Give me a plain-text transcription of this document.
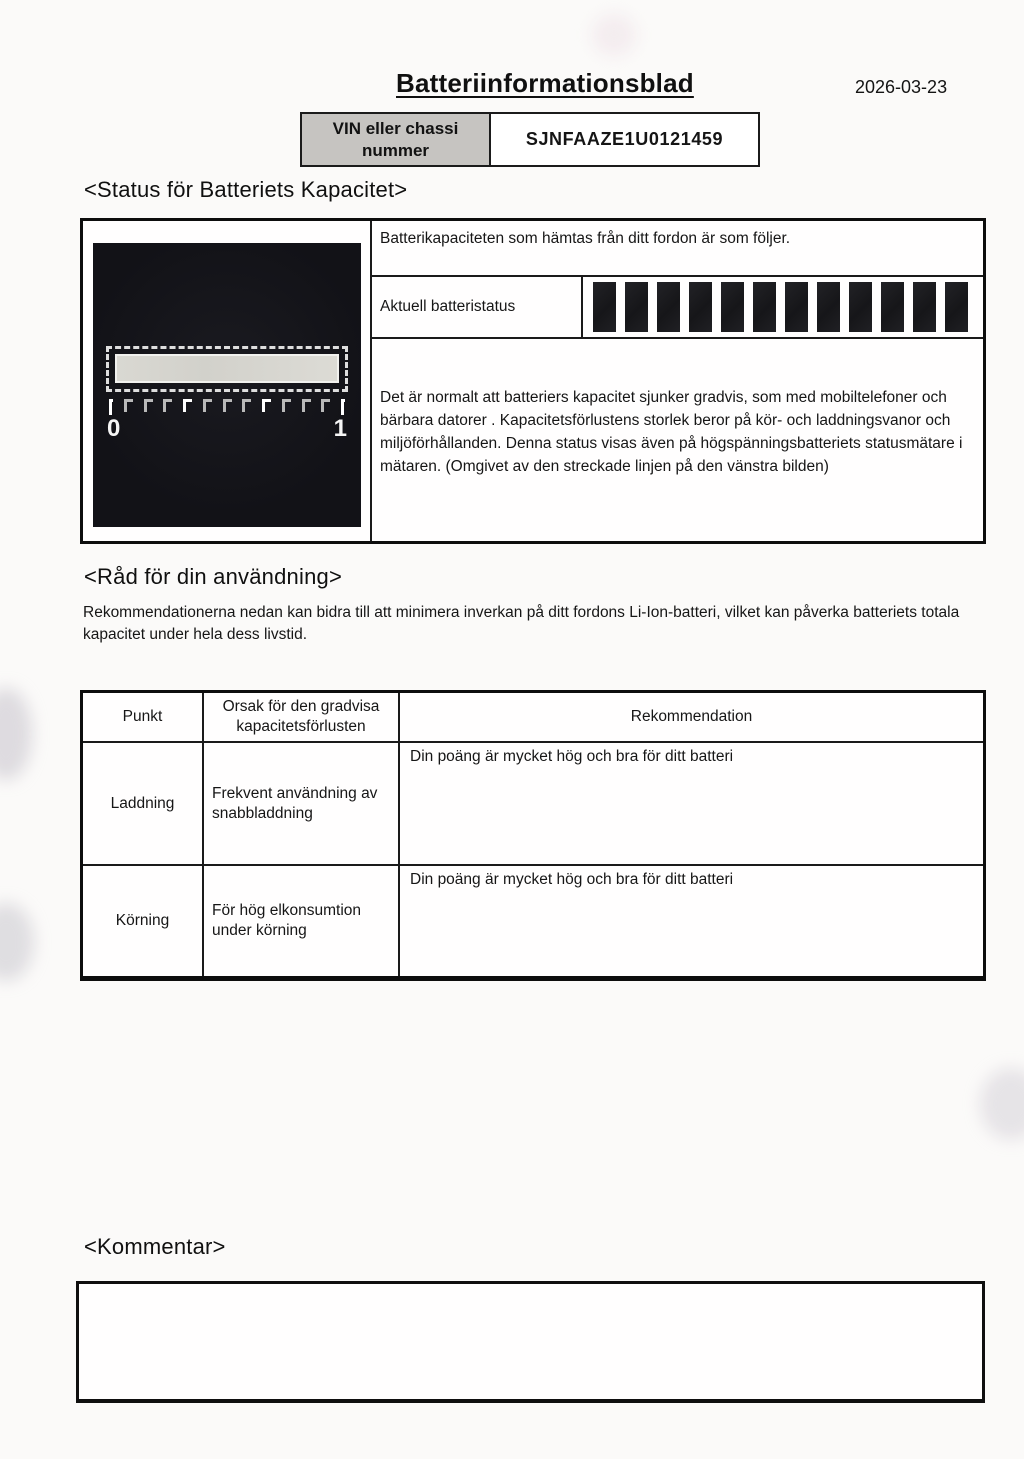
Batteriinformationsblad	2026-03-23
VIN eller chassi
nummer
SJNFAAZE1U0121459
<Status för Batteriets Kapacitet>
0	1
Batterikapaciteten som hämtas från ditt fordon är som följer.
Aktuell batteristatus
Det är normalt att batteriers kapacitet sjunker gradvis, som med mobiltelefoner och bärbara datorer . Kapacitetsförlustens storlek beror på kör- och laddningsvanor och miljöförhållanden. Denna status visas även på högspänningsbatteriets statusmätare i mätaren. (Omgivet av den streckade linjen på den vänstra bilden)
<Råd för din användning>
Rekommendationerna nedan kan bidra till att minimera inverkan på ditt fordons Li-Ion-batteri, vilket kan påverka batteriets totala kapacitet under hela dess livstid.
Punkt
Orsak för den gradvisa kapacitetsförlusten
Rekommendation
Laddning
Frekvent användning av snabbladdning
Din poäng är mycket hög och bra för ditt batteri
Körning
För hög elkonsumtion under körning
Din poäng är mycket hög och bra för ditt batteri
<Kommentar>
